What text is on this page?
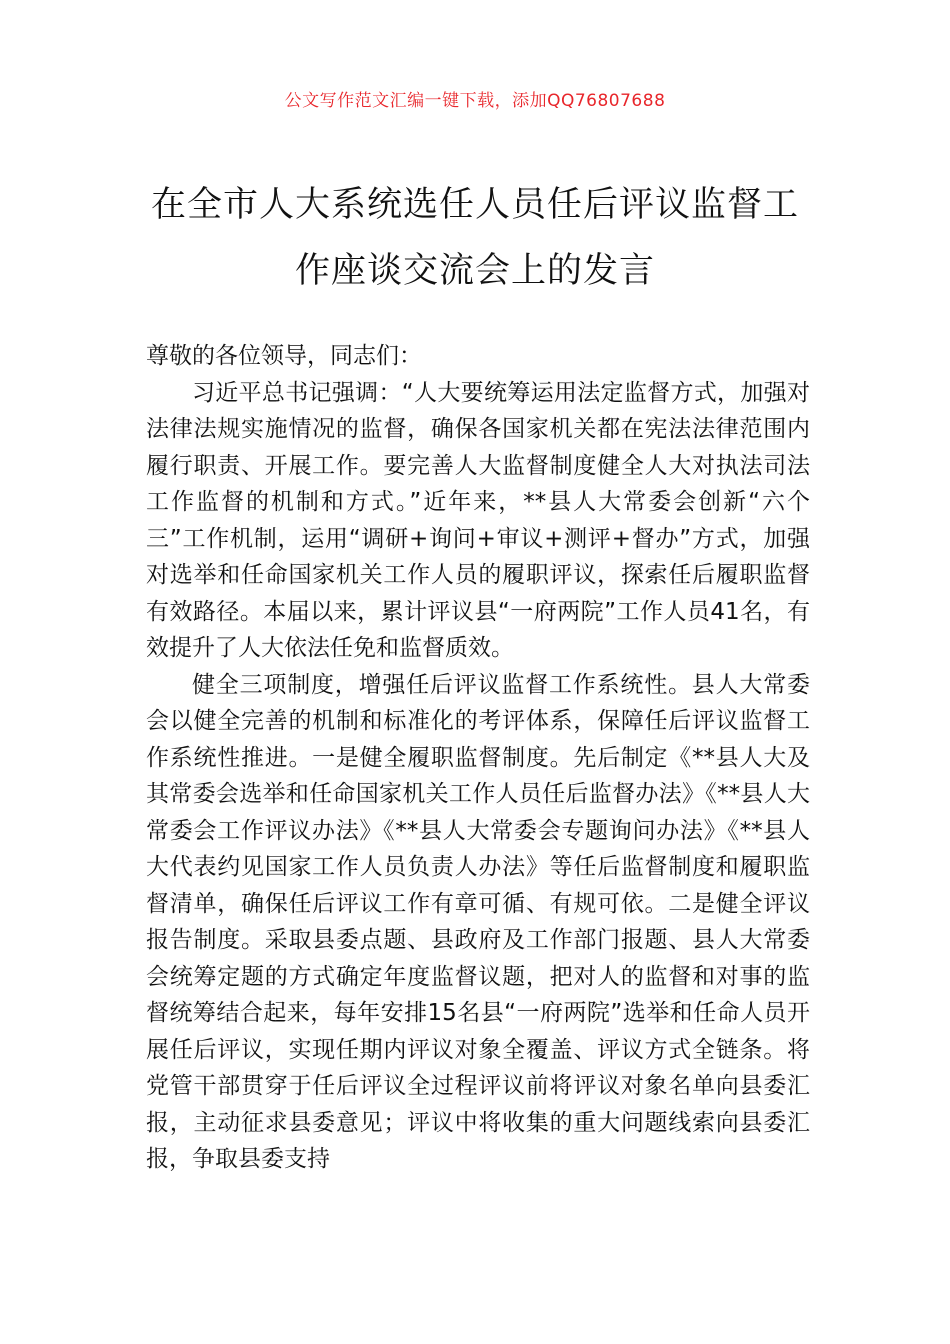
公文写作范文汇编一键下载，添加QQ76807688
在全市人大系统选任人员任后评议监督工
作座谈交流会上的发言

尊敬的各位领导，同志们：

习近平总书记强调：“人大要统筹运用法定监督方式，加强对法律法规实施情况的监督，确保各国家机关都在宪法法律范围内履行职责、开展工作。要完善人大监督制度健全人大对执法司法工作监督的机制和方式。”近年来，**县人大常委会创新“六个三”工作机制，运用“调研+询问+审议+测评+督办”方式，加强对选举和任命国家机关工作人员的履职评议，探索任后履职监督有效路径。本届以来，累计评议县“一府两院”工作人员41名，有效提升了人大依法任免和监督质效。

健全三项制度，增强任后评议监督工作系统性。县人大常委会以健全完善的机制和标准化的考评体系，保障任后评议监督工作系统性推进。一是健全履职监督制度。先后制定《**县人大及其常委会选举和任命国家机关工作人员任后监督办法》《**县人大常委会工作评议办法》《**县人大常委会专题询问办法》《**县人大代表约见国家工作人员负责人办法》等任后监督制度和履职监督清单，确保任后评议工作有章可循、有规可依。二是健全评议报告制度。采取县委点题、县政府及工作部门报题、县人大常委会统筹定题的方式确定年度监督议题，把对人的监督和对事的监督统筹结合起来，每年安排15名县“一府两院”选举和任命人员开展任后评议，实现任期内评议对象全覆盖、评议方式全链条。将党管干部贯穿于任后评议全过程评议前将评议对象名单向县委汇报，主动征求县委意见；评议中将收集的重大问题线索向县委汇报，争取县委支持
